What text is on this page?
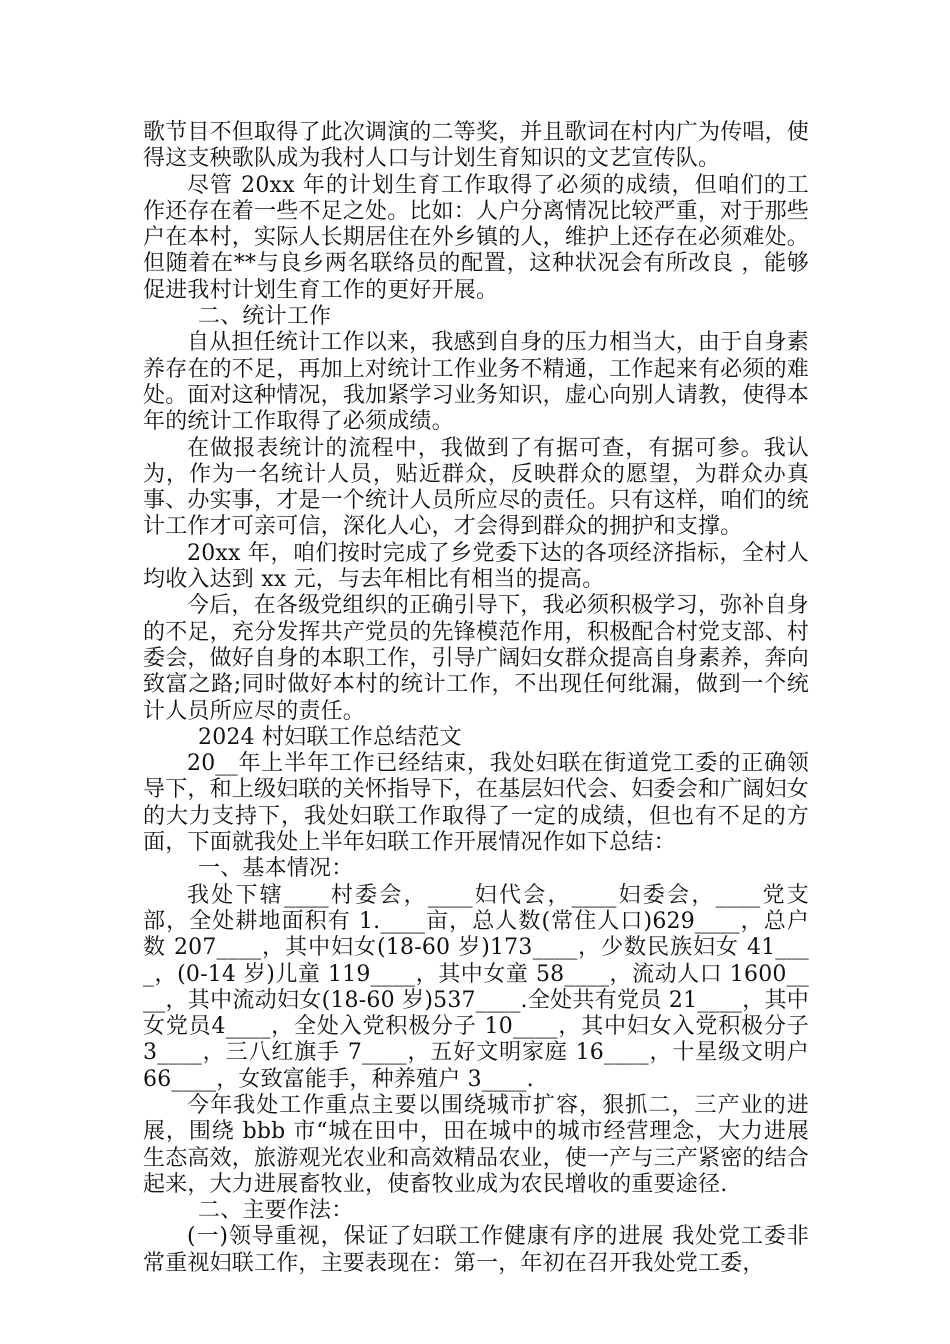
歌节目不但取得了此次调演的二等奖，并且歌词在村内广为传唱，使得这支秧歌队成为我村人口与计划生育知识的文艺宣传队。

尽管 20xx 年的计划生育工作取得了必须的成绩，但咱们的工作还存在着一些不足之处。比如：人户分离情况比较严重，对于那些户在本村，实际人长期居住在外乡镇的人，维护上还存在必须难处。但随着在**与良乡两名联络员的配置，这种状况会有所改良 ，能够促进我村计划生育工作的更好开展。

二、统计工作

自从担任统计工作以来，我感到自身的压力相当大，由于自身素养存在的不足，再加上对统计工作业务不精通，工作起来有必须的难处。面对这种情况，我加紧学习业务知识，虚心向别人请教，使得本年的统计工作取得了必须成绩。

在做报表统计的流程中，我做到了有据可查，有据可参。我认为，作为一名统计人员，贴近群众，反映群众的愿望，为群众办真事、办实事，才是一个统计人员所应尽的责任。只有这样，咱们的统计工作才可亲可信，深化人心，才会得到群众的拥护和支撑。

20xx 年，咱们按时完成了乡党委下达的各项经济指标，全村人均收入达到 xx 元，与去年相比有相当的提高。

今后，在各级党组织的正确引导下，我必须积极学习，弥补自身的不足，充分发挥共产党员的先锋模范作用，积极配合村党支部、村委会，做好自身的本职工作，引导广阔妇女群众提高自身素养，奔向致富之路;同时做好本村的统计工作，不出现任何纰漏，做到一个统计人员所应尽的责任。

2024 村妇联工作总结范文

20__年上半年工作已经结束，我处妇联在街道党工委的正确领导下，和上级妇联的关怀指导下，在基层妇代会、妇委会和广阔妇女的大力支持下，我处妇联工作取得了一定的成绩，但也有不足的方面，下面就我处上半年妇联工作开展情况作如下总结：

一、基本情况：

我处下辖____村委会，____妇代会，____妇委会，____党支部，全处耕地面积有 1.____亩，总人数(常住人口)629____，总户数 207____，其中妇女(18-60 岁)173____，少数民族妇女 41____，(0-14 岁)儿童 119____，其中女童 58____，流动人口 1600____，其中流动妇女(18-60 岁)537____.全处共有党员 21____，其中女党员4____，全处入党积极分子 10____，其中妇女入党积极分子 3____，三八红旗手 7____，五好文明家庭 16____，十星级文明户 66____，女致富能手，种养殖户 3____.

今年我处工作重点主要以围绕城市扩容，狠抓二，三产业的进展，围绕 bbb 市“城在田中，田在城中的城市经营理念，大力进展生态高效，旅游观光农业和高效精品农业，使一产与三产紧密的结合起来，大力进展畜牧业，使畜牧业成为农民增收的重要途径.

二、主要作法：

(一)领导重视，保证了妇联工作健康有序的进展 我处党工委非常重视妇联工作，主要表现在：第一，年初在召开我处党工委，
